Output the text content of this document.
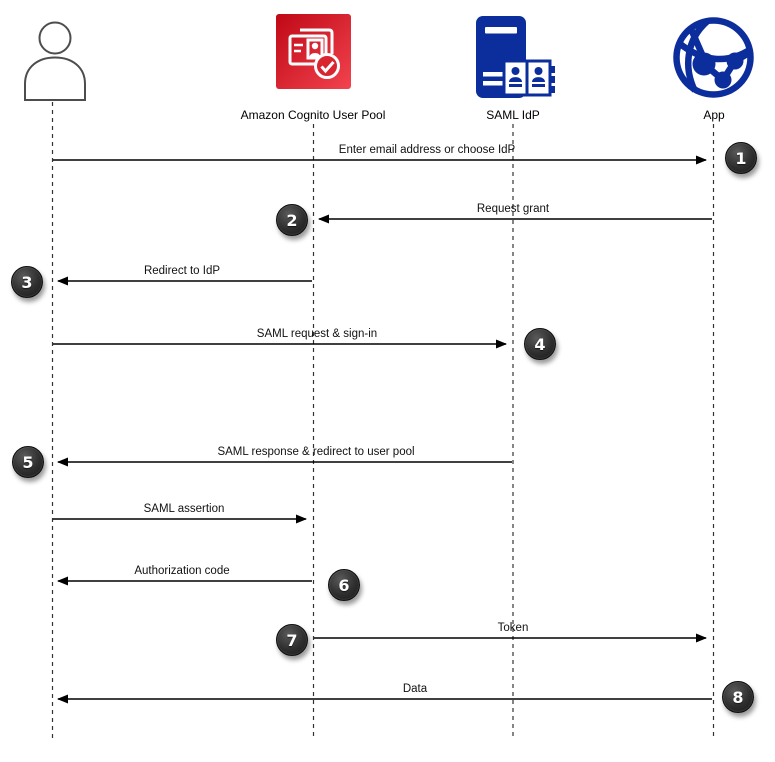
Amazon Cognito User Pool	SAML IdP	App
Enter email address or choose IdP
Request grant
Redirect to IdP
SAML request & sign-in
SAML response & redirect to user pool
SAML assertion
Authorization code
Token
Data
1
2
3
4
5
6
7
8
